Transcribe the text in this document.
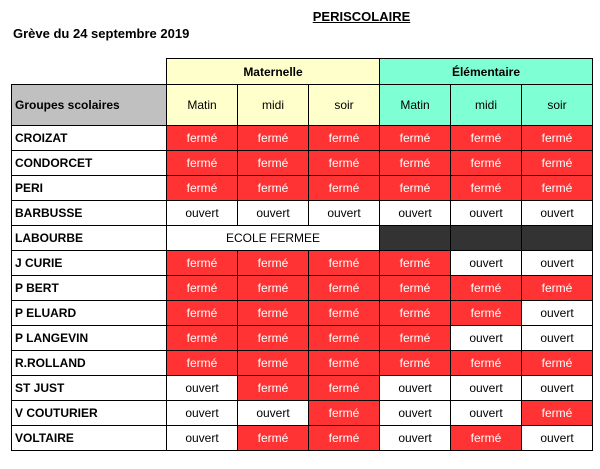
PERISCOLAIRE
Grève du 24 septembre 2019
	Maternelle			Élémentaire		
Groupes scolaires	Matin	midi	soir	Matin	midi	soir
CROIZAT	fermé	fermé	fermé	fermé	fermé	fermé
CONDORCET	fermé	fermé	fermé	fermé	fermé	fermé
PERI	fermé	fermé	fermé	fermé	fermé	fermé
BARBUSSE	ouvert	ouvert	ouvert	ouvert	ouvert	ouvert
LABOURBE	ECOLE FERMEE					
J CURIE	fermé	fermé	fermé	fermé	ouvert	ouvert
P BERT	fermé	fermé	fermé	fermé	fermé	fermé
P ELUARD	fermé	fermé	fermé	fermé	fermé	ouvert
P LANGEVIN	fermé	fermé	fermé	fermé	ouvert	ouvert
R.ROLLAND	fermé	fermé	fermé	fermé	fermé	fermé
ST JUST	ouvert	fermé	fermé	ouvert	ouvert	ouvert
V COUTURIER	ouvert	ouvert	fermé	ouvert	ouvert	fermé
VOLTAIRE	ouvert	fermé	fermé	ouvert	fermé	ouvert
